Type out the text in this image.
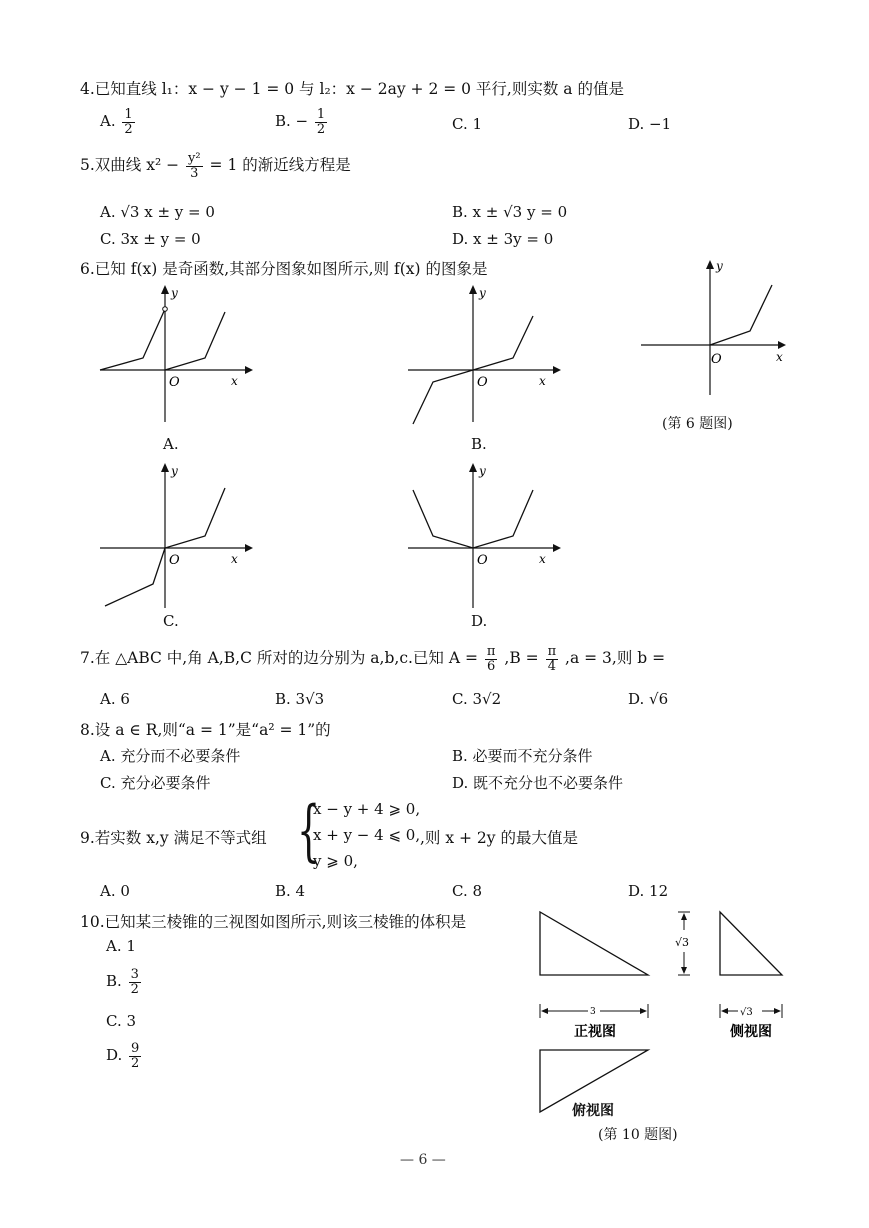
4.已知直线 l₁：x − y − 1 = 0 与 l₂：x − 2ay + 2 = 0 平行,则实数 a 的值是
A. $\frac{1}{2}$	B. − $\frac{1}{2}$	C. 1	D. −1
5.双曲线 $x^2 - \frac{\text{y²}}{3} = 1$ 的渐近线方程是
A. √3 x ± y = 0	B. x ± √3 y = 0
C. 3x ± y = 0	D. x ± 3y = 0
6.已知 f(x) 是奇函数,其部分图象如图所示,则 f(x) 的图象是
y
x
O
A.
y
x
O
B.
y
x
O
(第 6 题图)
y
x
O
C.
y
x
O
D.
7.在 △ABC 中,角 A,B,C 所对的边分别为 a,b,c.已知 $A = \frac{\pi}{6} ,B = \frac{\pi}{4} ,a = 3$,则 b =
A. 6	B. 3√3	C. 3√2	D. √6
8.设 a ∈ R,则“a = 1”是“a² = 1”的
A. 充分而不必要条件	B. 必要而不充分条件
C. 充分必要条件	D. 既不充分也不必要条件
9.若实数 x,y 满足不等式组 {
x − y + 4 ⩾ 0,
x + y − 4 ⩽ 0,
y ⩾ 0,
,则 x + 2y 的最大值是
A. 0	B. 4	C. 8	D. 12
10.已知某三棱锥的三视图如图所示,则该三棱锥的体积是
A. 1
B. $\frac{3}{2}$
C. 3
D. $\frac{9}{2}$
√3
3	√3
正视图	侧视图
俯视图
(第 10 题图)
— 6 —
